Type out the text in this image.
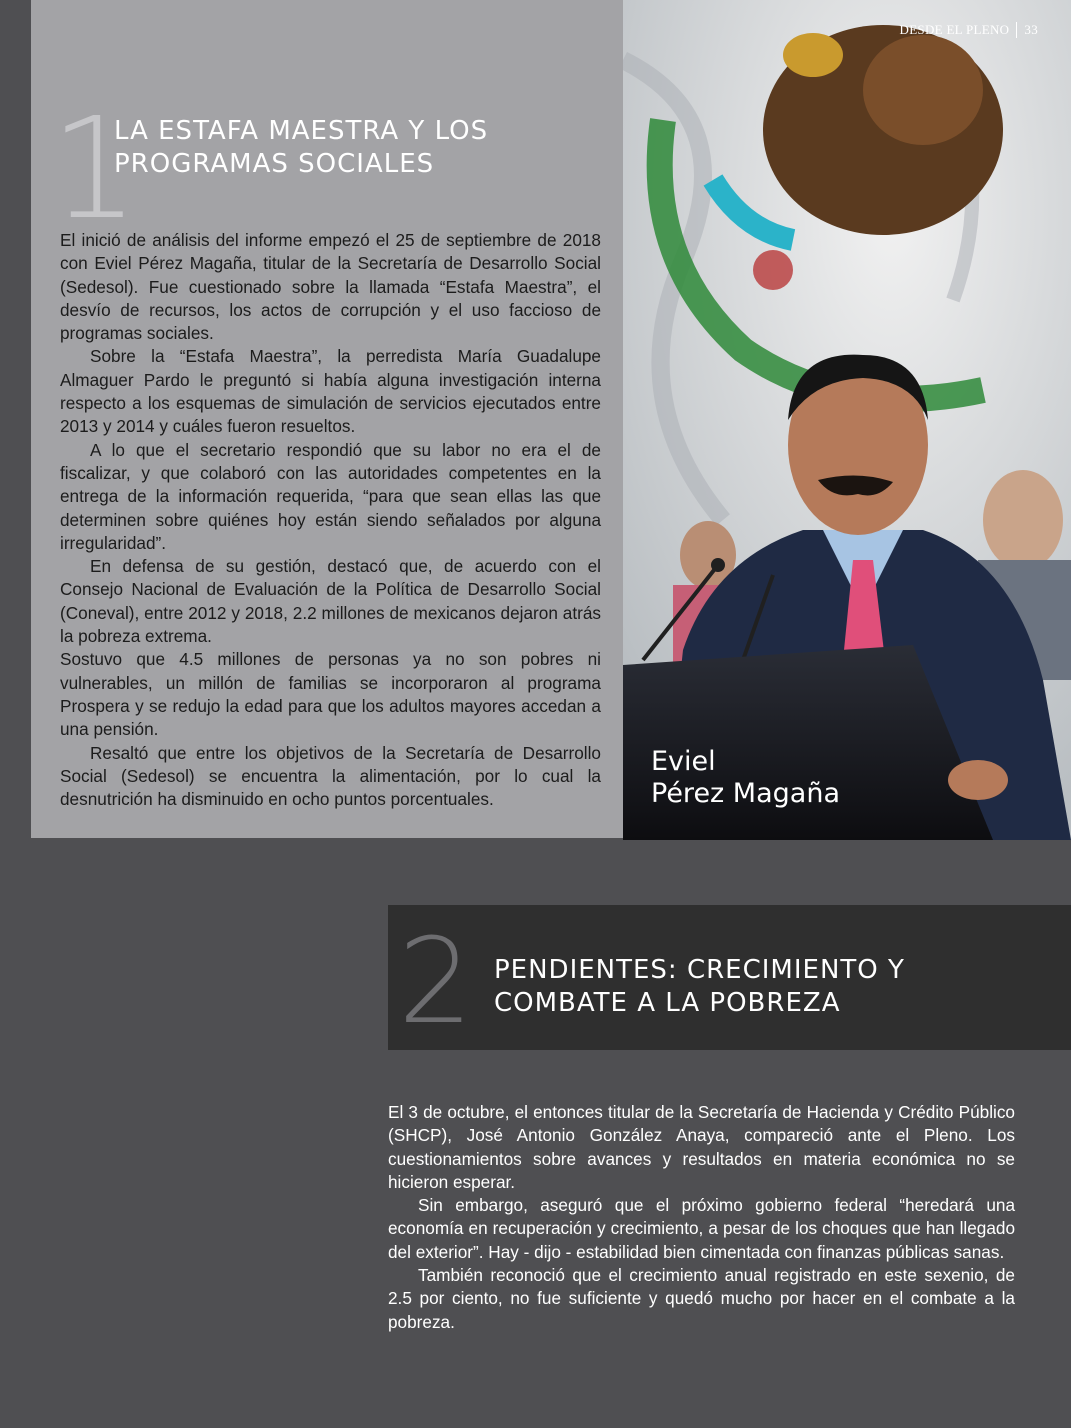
1
LA ESTAFA MAESTRA Y LOS
PROGRAMAS SOCIALES

El inició de análisis del informe empezó el 25 de septiembre de 2018 con Eviel Pérez Magaña, titular de la Secretaría de Desarrollo Social (Sedesol). Fue cuestionado sobre la llamada “Estafa Maestra”, el desvío de recursos, los actos de corrupción y el uso faccioso de programas sociales.

Sobre la “Estafa Maestra”, la perredista María Guadalupe Almaguer Pardo le preguntó si había alguna investigación interna respecto a los esquemas de simulación de servicios ejecutados entre 2013 y 2014 y cuáles fueron resueltos.

A lo que el secretario respondió que su labor no era el de fiscalizar, y que colaboró con las autoridades competentes en la entrega de la información requerida, “para que sean ellas las que determinen sobre quiénes hoy están siendo señalados por alguna irregularidad”.

En defensa de su gestión, destacó que, de acuerdo con el Consejo Nacional de Evaluación de la Política de Desarrollo Social (Coneval), entre 2012 y 2018, 2.2 millones de mexicanos dejaron atrás la pobreza extrema.

Sostuvo que 4.5 millones de personas ya no son pobres ni vulnerables, un millón de familias se incorporaron al programa Prospera y se redujo la edad para que los adultos mayores accedan a una pensión.

Resaltó que entre los objetivos de la Secretaría de Desarrollo Social (Sedesol) se encuentra la alimentación, por lo cual la desnutrición ha disminuido en ocho puntos porcentuales.

Eviel
Pérez Magaña
DESDE EL PLENO 33
2 PENDIENTES: CRECIMIENTO Y
COMBATE A LA POBREZA

El 3 de octubre, el entonces titular de la Secretaría de Hacienda y Crédito Público (SHCP), José Antonio González Anaya, compareció ante el Pleno. Los cuestionamientos sobre avances y resultados en materia económica no se hicieron esperar.

Sin embargo, aseguró que el próximo gobierno federal “heredará una economía en recuperación y crecimiento, a pesar de los choques que han llegado del exterior”. Hay - dijo - estabilidad bien cimentada con finanzas públicas sanas.

También reconoció que el crecimiento anual registrado en este sexenio, de 2.5 por ciento, no fue suficiente y quedó mucho por hacer en el combate a la pobreza.
